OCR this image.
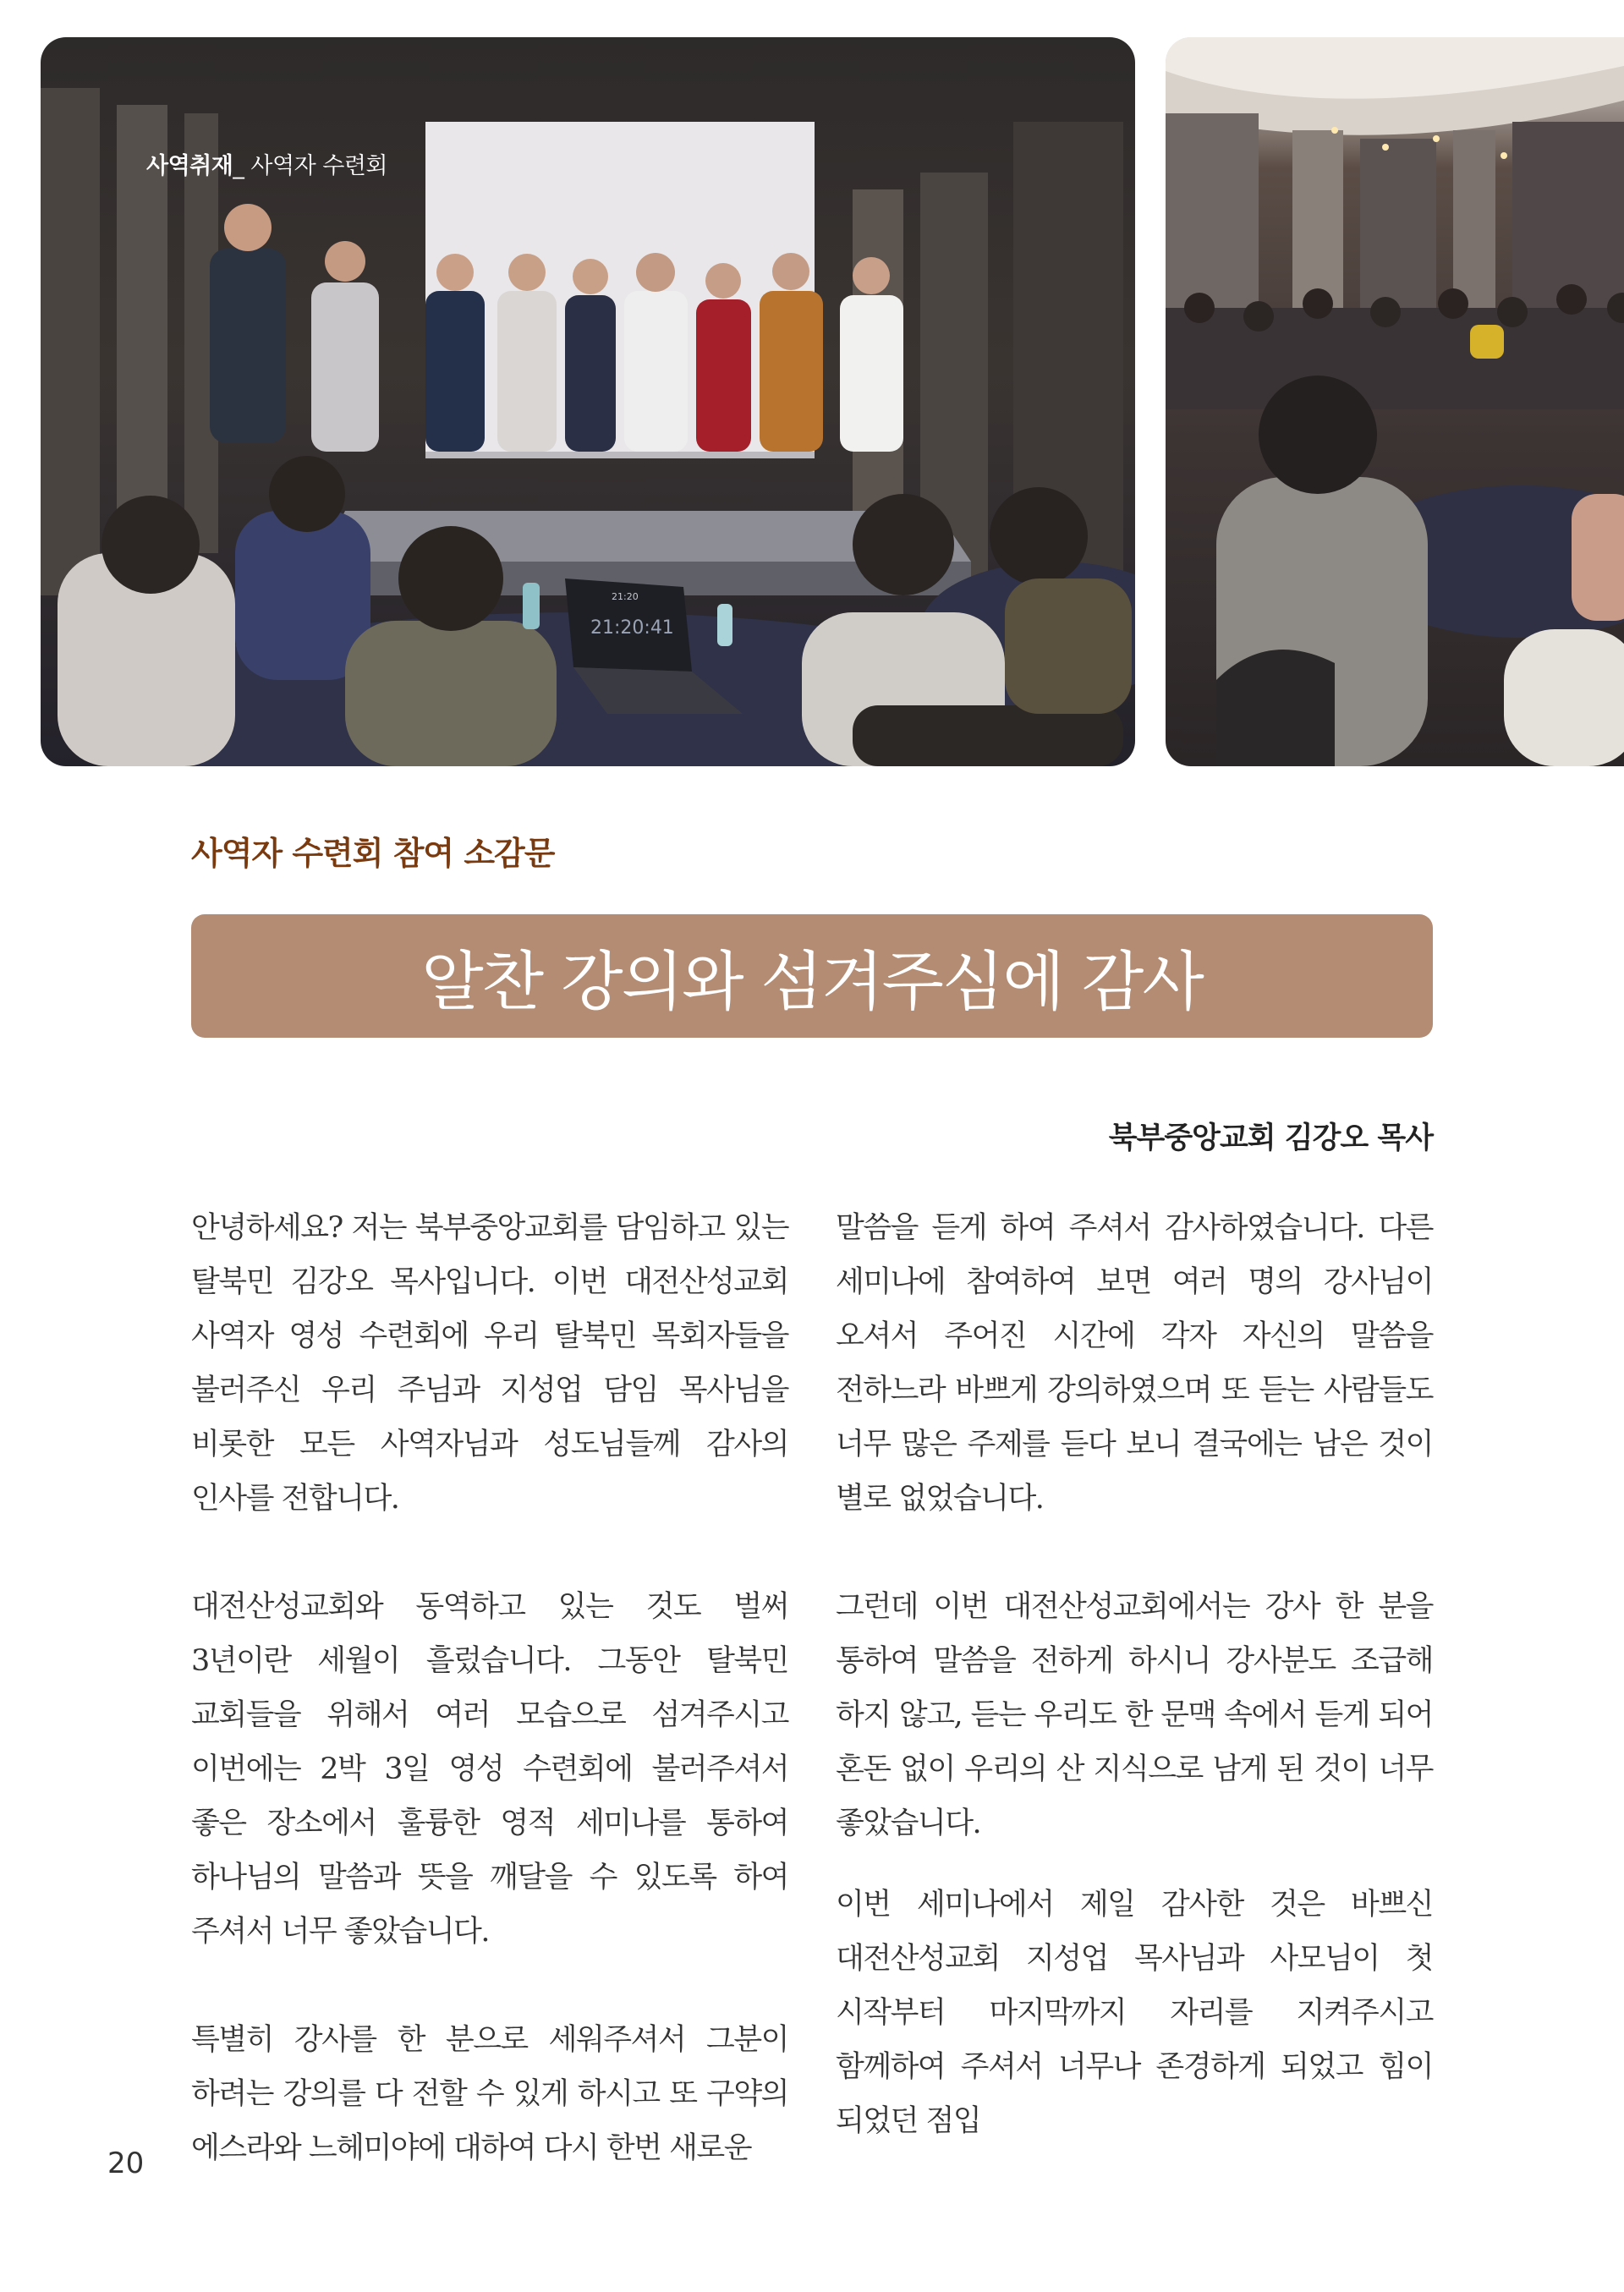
21:20:41
21:20
사역취재_ 사역자 수련회
사역자 수련회 참여 소감문
알찬 강의와 섬겨주심에 감사
북부중앙교회 김강오 목사

안녕하세요? 저는 북부중앙교회를 담임하고 있는 탈북민 김강오 목사입니다. 이번 대전산성교회 사역자 영성 수련회에 우리 탈북민 목회자들을 불러주신 우리 주님과 지성업 담임 목사님을 비롯한 모든 사역자님과 성도님들께 감사의 인사를 전합니다.

대전산성교회와 동역하고 있는 것도 벌써 3년이란 세월이 흘렀습니다. 그동안 탈북민 교회들을 위해서 여러 모습으로 섬겨주시고 이번에는 2박 3일 영성 수련회에 불러주셔서 좋은 장소에서 훌륭한 영적 세미나를 통하여 하나님의 말씀과 뜻을 깨달을 수 있도록 하여 주셔서 너무 좋았습니다.

특별히 강사를 한 분으로 세워주셔서 그분이 하려는 강의를 다 전할 수 있게 하시고 또 구약의 에스라와 느헤미야에 대하여 다시 한번 새로운

말씀을 듣게 하여 주셔서 감사하였습니다. 다른 세미나에 참여하여 보면 여러 명의 강사님이 오셔서 주어진 시간에 각자 자신의 말씀을 전하느라 바쁘게 강의하였으며 또 듣는 사람들도 너무 많은 주제를 듣다 보니 결국에는 남은 것이 별로 없었습니다.

그런데 이번 대전산성교회에서는 강사 한 분을 통하여 말씀을 전하게 하시니 강사분도 조급해 하지 않고, 듣는 우리도 한 문맥 속에서 듣게 되어 혼돈 없이 우리의 산 지식으로 남게 된 것이 너무 좋았습니다.

이번 세미나에서 제일 감사한 것은 바쁘신 대전산성교회 지성업 목사님과 사모님이 첫 시작부터 마지막까지 자리를 지켜주시고 함께하여 주셔서 너무나 존경하게 되었고 힘이 되었던 점입

20
